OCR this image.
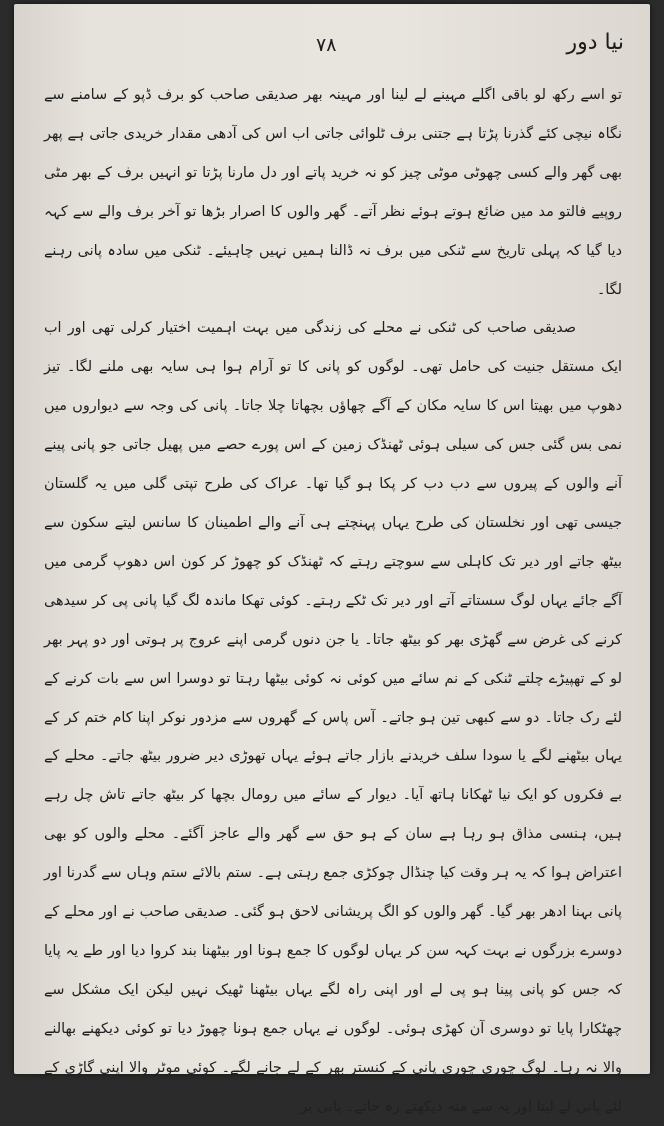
نیا دور
۷۸

تو اسے رکھ لو باقی اگلے مہینے لے لینا اور مہینہ بھر صدیقی صاحب کو برف ڈپو کے سامنے سے نگاہ نیچی کئے گذرنا پڑتا ہے جتنی برف ٹلوائی جاتی اب اس کی آدھی مقدار خریدی جاتی ہے پھر بھی گھر والے کسی چھوٹی موٹی چیز کو نہ خرید پاتے اور دل مارنا پڑتا تو انہیں برف کے بھر مٹی روپیے فالتو مد میں ضائع ہوتے ہوئے نظر آتے۔ گھر والوں کا اصرار بڑھا تو آخر برف والے سے کہہ دیا گیا کہ پہلی تاریخ سے ٹنکی میں برف نہ ڈالنا ہمیں نہیں چاہیئے۔ ٹنکی میں سادہ پانی رہنے لگا۔

صدیقی صاحب کی ٹنکی نے محلے کی زندگی میں بہت اہمیت اختیار کرلی تھی اور اب ایک مستقل جنیت کی حامل تھی۔ لوگوں کو پانی کا تو آرام ہوا ہی سایہ بھی ملنے لگا۔ تیز دھوپ میں بھیتا اس کا سایہ مکان کے آگے چھاؤں بچھاتا چلا جاتا۔ پانی کی وجہ سے دیواروں میں نمی بس گئی جس کی سیلی ہوئی ٹھنڈک زمین کے اس پورے حصے میں پھیل جاتی جو پانی پینے آنے والوں کے پیروں سے دب دب کر پکا ہو گیا تھا۔ عراک کی طرح تپتی گلی میں یہ گلستان جیسی تھی اور نخلستان کی طرح یہاں پہنچتے ہی آنے والے اطمینان کا سانس لیتے سکون سے بیٹھ جاتے اور دیر تک کاہلی سے سوچتے رہتے کہ ٹھنڈک کو چھوڑ کر کون اس دھوپ گرمی میں آگے جائے یہاں لوگ سستاتے آتے اور دیر تک ٹکے رہتے۔ کوئی تھکا ماندہ لگ گیا پانی پی کر سیدھی کرنے کی غرض سے گھڑی بھر کو بیٹھ جاتا۔ یا جن دنوں گرمی اپنے عروج پر ہوتی اور دو پہر بھر لو کے تھپیڑے چلتے ٹنکی کے نم سائے میں کوئی نہ کوئی بیٹھا رہتا تو دوسرا اس سے بات کرنے کے لئے رک جاتا۔ دو سے کبھی تین ہو جاتے۔ آس پاس کے گھروں سے مزدور نوکر اپنا کام ختم کر کے یہاں بیٹھنے لگے یا سودا سلف خریدنے بازار جاتے ہوئے یہاں تھوڑی دیر ضرور بیٹھ جاتے۔ محلے کے بے فکروں کو ایک نیا ٹھکانا ہاتھ آیا۔ دیوار کے سائے میں رومال بچھا کر بیٹھ جاتے تاش چل رہے ہیں، ہنسی مذاق ہو رہا ہے سان کے ہو حق سے گھر والے عاجز آگئے۔ محلے والوں کو بھی اعتراض ہوا کہ یہ ہر وقت کیا چنڈال چوکڑی جمع رہتی ہے۔ ستم بالائے ستم وہاں سے گدرنا اور پانی بہنا ادھر بھر گیا۔ گھر والوں کو الگ پریشانی لاحق ہو گئی۔ صدیقی صاحب نے اور محلے کے دوسرے بزرگوں نے بہت کہہ سن کر یہاں لوگوں کا جمع ہونا اور بیٹھنا بند کروا دیا اور طے یہ پایا کہ جس کو پانی پینا ہو پی لے اور اپنی راہ لگے یہاں بیٹھنا ٹھیک نہیں لیکن ایک مشکل سے چھٹکارا پایا تو دوسری آن کھڑی ہوئی۔ لوگوں نے یہاں جمع ہونا چھوڑ دیا تو کوئی دیکھنے بھالنے والا نہ رہا۔ لوگ چوری چوری پانی کے کنستر بھر کے لے جانے لگے۔ کوئی موٹر والا اپنی گاڑی کے لئے پانی لے لیتا اور یہ سے منہ دیکھتے رہ جاتے۔ پانی بر
